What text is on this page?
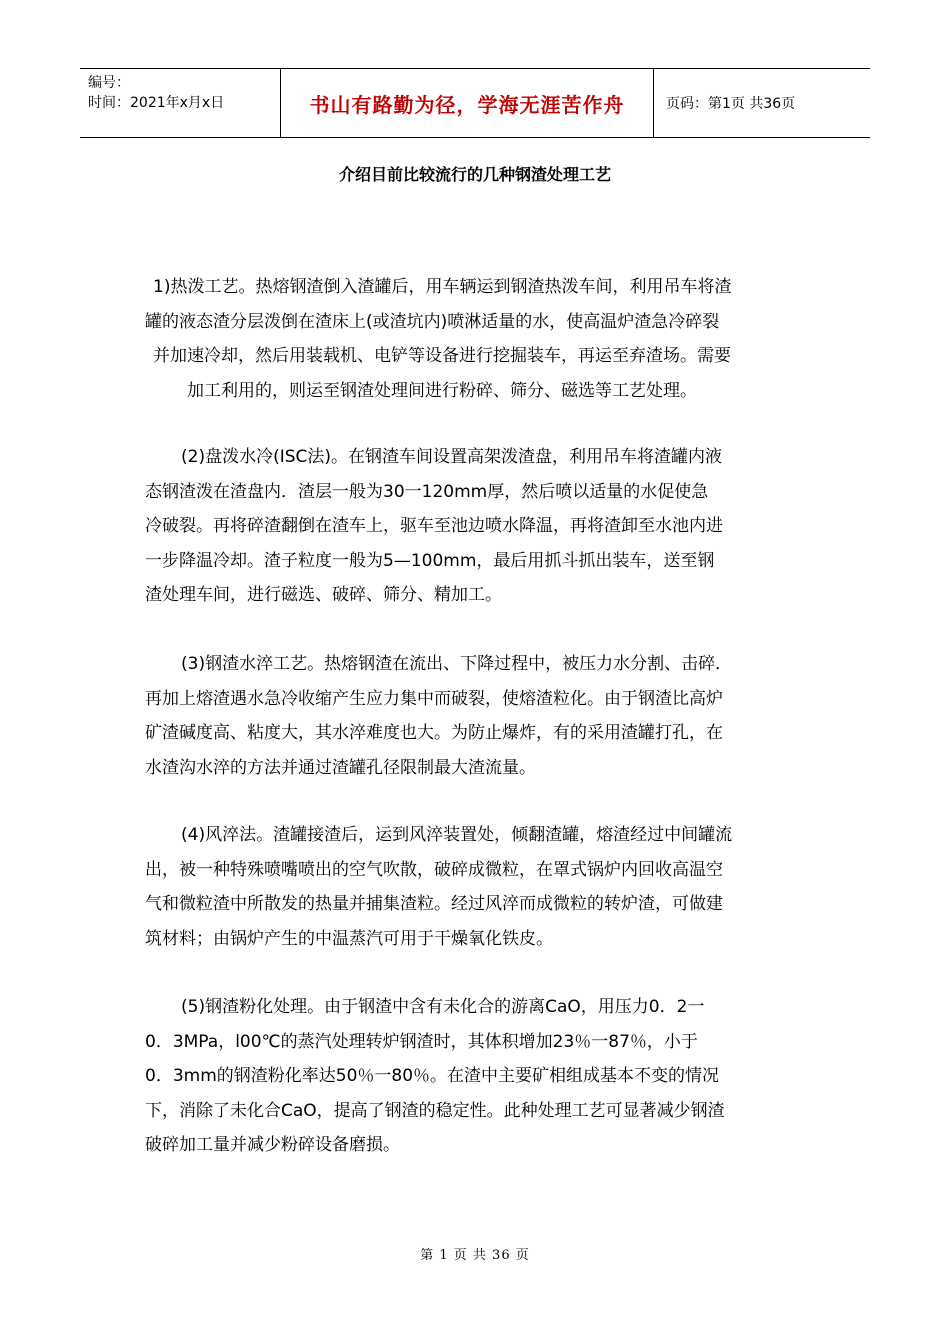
编号：
时间：2021年x月x日	书山有路勤为径，学海无涯苦作舟	页码：第1页 共36页
介绍目前比较流行的几种钢渣处理工艺
1)热泼工艺。热熔钢渣倒入渣罐后，用车辆运到钢渣热泼车间，利用吊车将渣
罐的液态渣分层泼倒在渣床上(或渣坑内)喷淋适量的水，使高温炉渣急冷碎裂
并加速冷却，然后用装载机、电铲等设备进行挖掘装车，再运至弃渣场。需要
加工利用的，则运至钢渣处理间进行粉碎、筛分、磁选等工艺处理。
(2)盘泼水冷(ISC法)。在钢渣车间设置高架泼渣盘，利用吊车将渣罐内液
态钢渣泼在渣盘内．渣层一般为30一120mm厚，然后喷以适量的水促使急
冷破裂。再将碎渣翻倒在渣车上，驱车至池边喷水降温，再将渣卸至水池内进
一步降温冷却。渣子粒度一般为5—100mm，最后用抓斗抓出装车，送至钢
渣处理车间，进行磁选、破碎、筛分、精加工。
(3)钢渣水淬工艺。热熔钢渣在流出、下降过程中，被压力水分割、击碎．
再加上熔渣遇水急冷收缩产生应力集中而破裂，使熔渣粒化。由于钢渣比高炉
矿渣碱度高、粘度大，其水淬难度也大。为防止爆炸，有的采用渣罐打孔，在
水渣沟水淬的方法并通过渣罐孔径限制最大渣流量。
(4)风淬法。渣罐接渣后，运到风淬装置处，倾翻渣罐，熔渣经过中间罐流
出，被一种特殊喷嘴喷出的空气吹散，破碎成微粒，在罩式锅炉内回收高温空
气和微粒渣中所散发的热量并捕集渣粒。经过风淬而成微粒的转炉渣，可做建
筑材料；由锅炉产生的中温蒸汽可用于干燥氧化铁皮。
(5)钢渣粉化处理。由于钢渣中含有未化合的游离CaO，用压力0．2一
0．3MPa，l00℃的蒸汽处理转炉钢渣时，其体积增加23％一87％，小于
0．3mm的钢渣粉化率达50％一80％。在渣中主要矿相组成基本不变的情况
下，消除了未化合CaO，提高了钢渣的稳定性。此种处理工艺可显著减少钢渣
破碎加工量并减少粉碎设备磨损。
第 1 页 共 36 页
